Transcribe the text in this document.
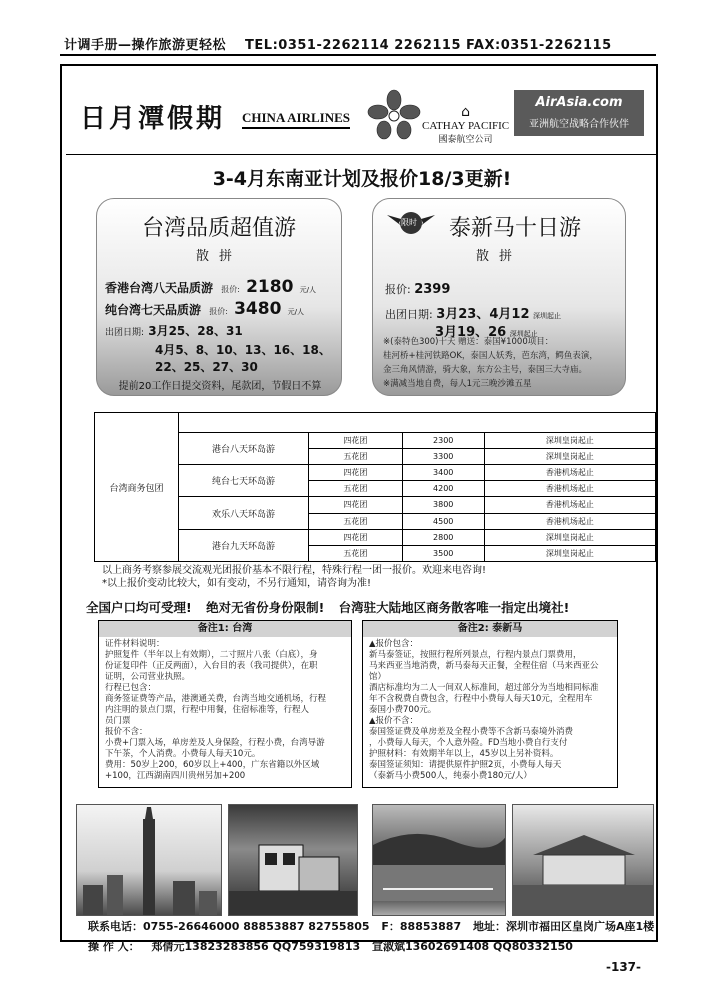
计调手册—操作旅游更轻松 TEL:0351-2262114 2262115 FAX:0351-2262115
日月潭假期 CHINA AIRLINES	⌂
CATHAY PACIFIC
國泰航空公司
AirAsia.com
亚洲航空战略合作伙伴
3-4月东南亚计划及报价18/3更新!
台湾品质超值游
散拼
香港台湾八天品质游 报价: 2180 元/人
纯台湾七天品质游 报价: 3480 元/人
出团日期: 3月25、28、31
4月5、8、10、13、16、18、
22、25、27、30
提前20工作日提交资料，尾款团，节假日不算
限时	泰新马十日游
散拼
报价: 2399
出团日期: 3月23、4月12 深圳起止
3月19、26 深圳起止
※(泰特色300)十天 赠送：泰国¥1000项目：
桂河桥+桂河铁路OK，泰国人妖秀，芭东湾，鳄鱼表演，
金三角风情游，骑大象，东方公主号，泰国三大寺庙。
※满减当地自费，每人1元三晚沙滩五星
台湾商务包团				
	港台八天环岛游	四花团	2300	深圳皇岗起止
		五花团	3300	深圳皇岗起止
	纯台七天环岛游	四花团	3400	香港机场起止
		五花团	4200	香港机场起止
	欢乐八天环岛游	四花团	3800	香港机场起止
		五花团	4500	香港机场起止
	港台九天环岛游	四花团	2800	深圳皇岗起止
		五花团	3500	深圳皇岗起止
以上商务考察参展交流观光团报价基本不限行程，特殊行程一团一报价。欢迎来电咨询!
*以上报价变动比较大，如有变动，不另行通知，请咨询为准!
全国户口均可受理! 绝对无省份身份限制! 台湾驻大陆地区商务散客唯一指定出境社!
备注1: 台湾
证件材料说明：
护照复件（半年以上有效期），二寸照片八张（白底），身
份证复印件（正反两面），入台目的表（我司提供），在职
证明，公司营业执照。
行程已包含：
商务签证费等产品，港澳通关费，台湾当地交通机场，行程
内注明的景点门票，行程中用餐，住宿标准等，行程人
员门票
报价不含：
小费+门票入场，单房差及人身保险，行程小费，台湾导游
下午茶，个人消费。小费每人每天10元。
费用：50岁上200，60岁以上+400，广东省籍以外区域
+100，江西湖南四川贵州另加+200
备注2: 泰新马
▲报价包含：
新马泰签证，按照行程所列景点，行程内景点门票费用，
马来西亚当地消费，新马泰每天正餐，全程住宿（马来西亚公馆）
酒店标准均为二人一间双人标准间，超过部分为当地相同标准
年不含税费自费包含，行程中小费每人每天10元，全程用车
泰国小费700元。
▲报价不含：
泰国签证费及单房差及全程小费等不含新马泰境外消费
，小费每人每天，个人意外险。FD当地小费自行支付
护照材料：有效期半年以上，45岁以上另补资料。
泰国签证须知：请提供原件护照2页，小费每人每天
（泰新马小费500人，纯泰小费180元/人）
联系电话：0755-26646000 88853887 82755805 F：88853887 地址：深圳市福田区皇岗广场A座1楼
操 作 人： 郑倩元13823283856 QQ759319813 宣淑斌13602691408 QQ80332150
-137-
